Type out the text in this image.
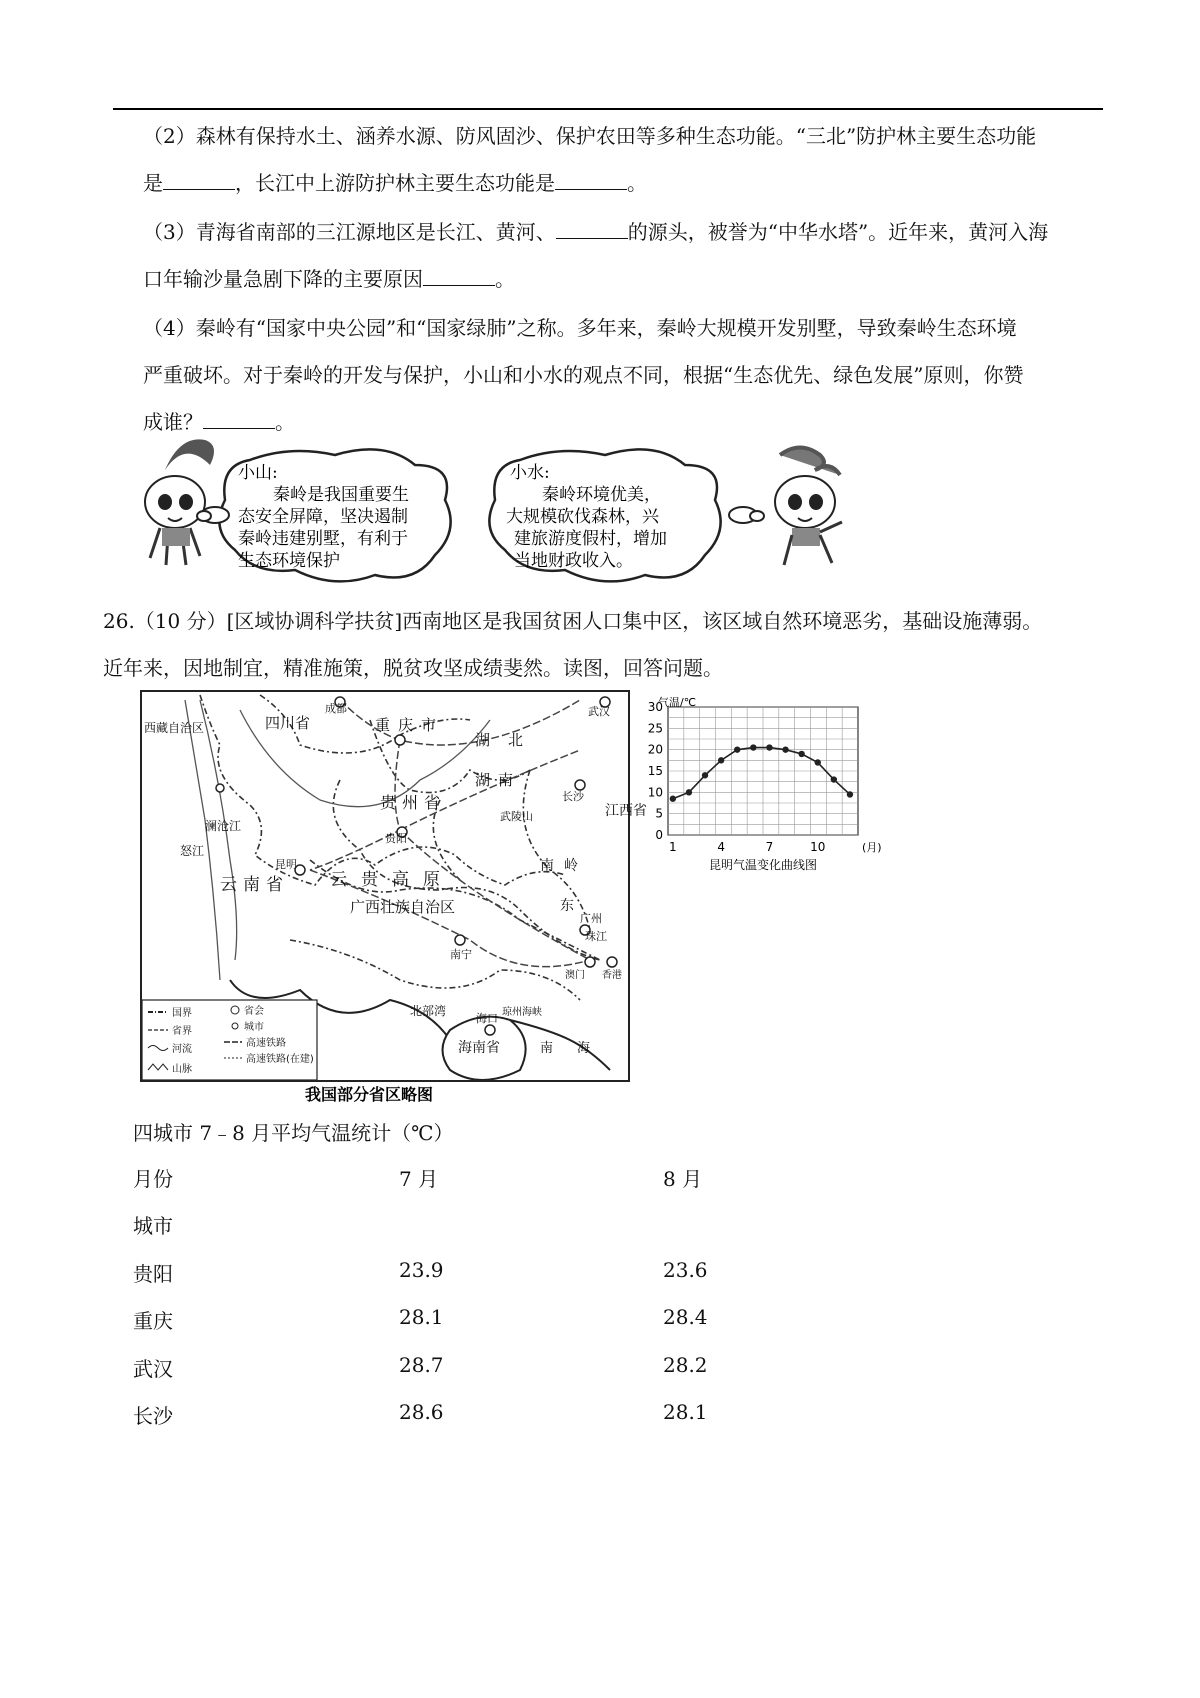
（2）森林有保持水土、涵养水源、防风固沙、保护农田等多种生态功能。“三北”防护林主要生态功能

是	，长江中上游防护林主要生态功能是	。

（3）青海省南部的三江源地区是长江、黄河、	的源头，被誉为“中华水塔”。近年来，黄河入海

口年输沙量急剧下降的主要原因	。

（4）秦岭有“国家中央公园”和“国家绿肺”之称。多年来，秦岭大规模开发别墅，导致秦岭生态环境

严重破坏。对于秦岭的开发与保护，小山和小水的观点不同，根据“生态优先、绿色发展”原则，你赞

成谁？	。

小山:
秦岭是我国重要生
态安全屏障，坚决遏制
秦岭违建别墅，有利于
生态环境保护
小水:
秦岭环境优美，
大规模砍伐森林，兴
建旅游度假村，增加
当地财政收入。

26.（10 分）[区域协调科学扶贫]西南地区是我国贫困人口集中区，该区域自然环境恶劣，基础设施薄弱。

近年来，因地制宜，精准施策，脱贫攻坚成绩斐然。读图，回答问题。

成都
四川省
西藏自治区	重庆市
湖北
武汉
长沙
湖南
江西省
贵州省
贵阳
云贵高原
昆明
云南省
广西壮族自治区
南宁
广州
珠江
澳门 香港
北部湾
海口
海南省	南海
琼州海峡
南岭
武陵山
怒江
澜沧江
东
国界
省界
河流
山脉
省会
城市
高速铁路
高速铁路(在建)
我国部分省区略图
0
5
10
15
20
25
30
1	4	7	10
气温/℃
(月)
昆明气温变化曲线图
四城市 7﹣8 月平均气温统计（℃）
月份	7 月	8 月
城市
贵阳	23.9	23.6
重庆	28.1	28.4
武汉	28.7	28.2
长沙	28.6	28.1
